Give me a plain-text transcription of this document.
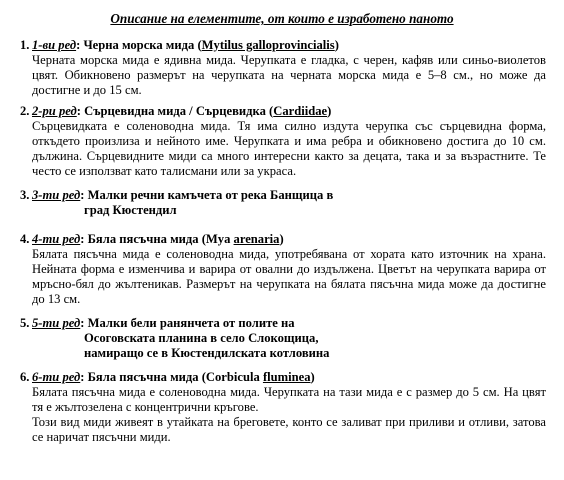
Описание на елементите, от които е изработено паното
1. 1-ви ред: Черна морска мида (Mytilus galloprovincialis)

Черната морска мида е ядивна мида. Черупката е гладка, с черен, кафяв или синьо-виолетов цвят. Обикновено размерът на черупката на черната морска мида е 5–8 см., но може да достигне и до 15 см.

2. 2-ри ред: Сърцевидна мида / Сърцевидка (Cardiidae)

Сърцевидката е соленоводна мида. Тя има силно издута черупка със сърцевидна форма, откъдето произлиза и нейното име. Черупката и има ребра и обикновено достига до 10 см. дължина. Сърцевидните миди са много интересни както за децата, така и за възрастните. Те често се използват като талисмани или за украса.

3. 3-ти ред: Малки речни камъчета от река Банщица в
град Кюстендил
4. 4-ти ред: Бяла пясъчна мида (Mya arenaria)

Бялата пясъчна мида е соленоводна мида, употребявана от хората като източник на храна. Нейната форма е изменчива и варира от овални до издължена. Цветът на черупката варира от мръсно-бял до жълтеникав. Размерът на черупката на бялата пясъчна мида може да достигне до 13 см.

5. 5-ти ред: Малки бели ранянчета от полите на
Осоговската планина в село Слокощица,
намиращо се в Кюстендилската котловина
6. 6-ти ред: Бяла пясъчна мида (Corbicula fluminea)

Бялата пясъчна мида е соленоводна мида. Черупката на тази мида е с размер до 5 см. На цвят тя е жълтозелена с концентрични кръгове.

Този вид миди живеят в утайката на бреговете, конто се заливат при приливи и отливи, затова се наричат пясъчни миди.
